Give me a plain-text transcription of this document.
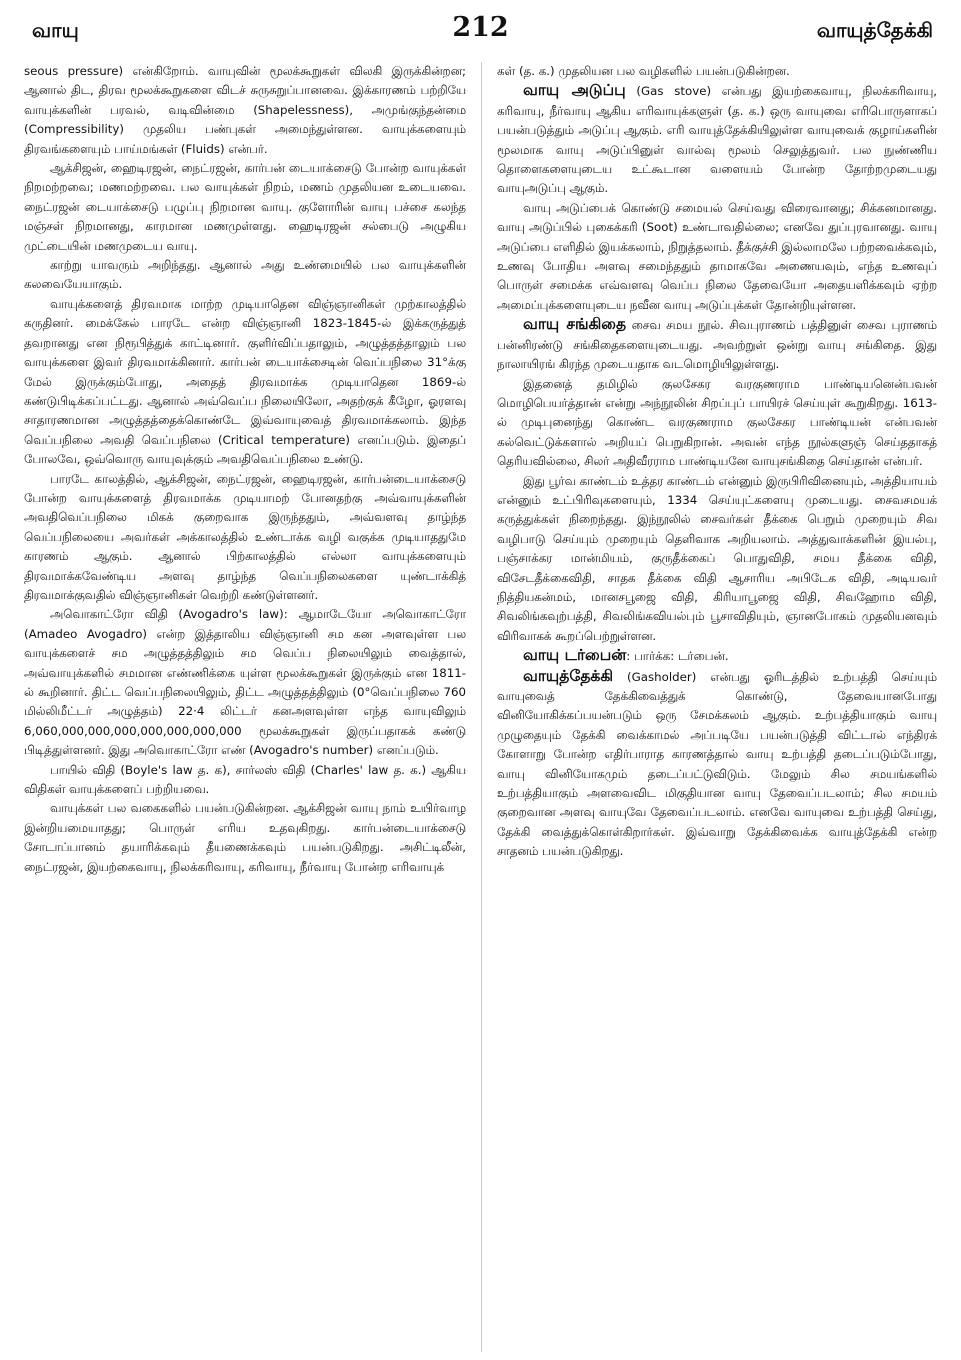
வாயு	212	வாயுத்தேக்கி

seous pressure) என்கிறோம். வாயுவின் மூலக்கூறுகள் விலகி இருக்கின்றன; ஆனால் திட, திரவ மூலக்கூறுகளை விடச் சுருசுறுப்பானவை. இக்காரணம் பற்றியே வாயுக்களின் பரவல், வடிவின்மை (Shapelessness), அமுங்குந்தன்மை (Compressibility) முதலிய பண்புகள் அமைந்துள்ளன. வாயுக்களையும் திரவங்களையும் பாய்மங்கள் (Fluids) என்பர்.

ஆக்சிஜன், ஹைடிரஜன், நைட்ரஜன், கார்பன் டையாக்சைடு போன்ற வாயுக்கள் நிறமற்றவை; மணமற்றவை. பல வாயுக்கள் நிறம், மணம் முதலியன உடையவை. நைட்ரஜன் டையாக்சைடு பழுப்பு நிறமான வாயு. குளோரின் வாயு பச்சை கலந்த மஞ்சள் நிறமானது, காரமான மணமுள்ளது. ஹைடிரஜன் சல்பைடு அழுகிய முட்டையின் மணமுடைய வாயு.

காற்று யாவரும் அறிந்தது. ஆனால் அது உண்மையில் பல வாயுக்களின் கலவையேயாகும்.

வாயுக்களைத் திரவமாக மாற்ற முடியாதென விஞ்ஞானிகள் முற்காலத்தில் கருதினர். மைக்கேல் பாரடே என்ற விஞ்ஞானி 1823-1845-ல் இக்கருத்துத் தவறானது என நிரூபித்துக் காட்டினார். குளிர்விப்பதாலும், அழுத்தத்தாலும் பல வாயுக்களை இவர் திரவமாக்கினார். கார்பன் டையாக்சைடின் வெப்பநிலை 31°க்கு மேல் இருக்கும்போது, அதைத் திரவமாக்க முடியாதென 1869-ல் கண்டுபிடிக்கப்பட்டது. ஆனால் அவ்வெப்ப நிலையிலோ, அதற்குக் கீழோ, ஓரளவு சாதாரணமான அழுத்தத்தைக்கொண்டே இவ்வாயுவைத் திரவமாக்கலாம். இந்த வெப்பநிலை அவதி வெப்பநிலை (Critical temperature) எனப்படும். இதைப் போலவே, ஒவ்வொரு வாயுவுக்கும் அவதிவெப்பநிலை உண்டு.

பாரடே காலத்தில், ஆக்சிஜன், நைட்ரஜன், ஹைடிரஜன், கார்பன்டையாக்சைடு போன்ற வாயுக்களைத் திரவமாக்க முடியாமற் போனதற்கு அவ்வாயுக்களின் அவதிவெப்பநிலை மிகக் குறைவாக இருந்ததும், அவ்வளவு தாழ்ந்த வெப்பநிலையை அவர்கள் அக்காலத்தில் உண்டாக்க வழி வகுக்க முடியாததுமே காரணம் ஆகும். ஆனால் பிற்காலத்தில் எல்லா வாயுக்களையும் திரவமாக்கவேண்டிய அளவு தாழ்ந்த வெப்பநிலைகளை யுண்டாக்கித் திரவமாக்குவதில் விஞ்ஞானிகள் வெற்றி கண்டுள்ளனர்.

அவொகாட்ரோ விதி (Avogadro's law): ஆமாடேயோ அவொகாட்ரோ (Amadeo Avogadro) என்ற இத்தாலிய விஞ்ஞானி சம கன அளவுள்ள பல வாயுக்களைச் சம அழுத்தத்திலும் சம வெப்ப நிலையிலும் வைத்தால், அவ்வாயுக்களில் சமமான எண்ணிக்கை யுள்ள மூலக்கூறுகள் இருக்கும் என 1811-ல் கூறினார். திட்ட வெப்பநிலையிலும், திட்ட அழுத்தத்திலும் (0°வெப்பநிலை 760 மில்லிமீட்டர் அழுத்தம்) 22·4 லிட்டர் கனஅளவுள்ள எந்த வாயுவிலும் 6,060,000,000,000,000,000,000,000 மூலக்கூறுகள் இருப்பதாகக் கண்டு பிடித்துள்ளனர். இது அவொகாட்ரோ எண் (Avogadro's number) எனப்படும்.

பாயில் விதி (Boyle's law த. க), சார்லஸ் விதி (Charles' law த. க.) ஆகிய விதிகள் வாயுக்களைப் பற்றியவை.

வாயுக்கள் பல வகைகளில் பயன்படுகின்றன. ஆக்சிஜன் வாயு நாம் உயிர்வாழ இன்றியமையாதது; பொருள் எரிய உதவுகிறது. கார்பன்டையாக்சைடு சோடாப்பானம் தயாரிக்கவும் தீயணைக்கவும் பயன்படுகிறது. அசிட்டிலீன், நைட்ரஜன், இயற்கைவாயு, நிலக்கரிவாயு, கரிவாயு, நீர்வாயு போன்ற எரிவாயுக்

கள் (த. க.) முதலியன பல வழிகளில் பயன்படுகின்றன.

வாயு அடுப்பு (Gas stove) என்பது இயற்கைவாயு, நிலக்கரிவாயு, கரிவாயு, நீர்வாயு ஆகிய எரிவாயுக்களுள் (த. க.) ஒரு வாயுவை எரிபொருளாகப் பயன்படுத்தும் அடுப்பு ஆகும். எரி வாயுத்தேக்கியிலுள்ள வாயுவைக் குழாய்களின் மூலமாக வாயு அடுப்பினுள் வால்வு மூலம் செலுத்துவர். பல நுண்ணிய தொளைகளையுடைய உட்கூடான வளையம் போன்ற தோற்றமுடையது வாயுஅடுப்பு ஆகும்.

வாயு அடுப்பைக் கொண்டு சமையல் செய்வது விரைவானது; சிக்கனமானது. வாயு அடுப்பில் புகைக்கரி (Soot) உண்டாவதில்லை; எனவே துப்புரவானது. வாயு அடுப்பை எளிதில் இயக்கலாம், நிறுத்தலாம். தீக்குச்சி இல்லாமலே பற்றவைக்கவும், உணவு போதிய அளவு சமைந்ததும் தாமாகவே அணையவும், எந்த உணவுப் பொருள் சமைக்க எவ்வளவு வெப்ப நிலை தேவையோ அதையளிக்கவும் ஏற்ற அமைப்புக்களையுடைய நவீன வாயு அடுப்புக்கள் தோன்றியுள்ளன.

வாயு சங்கிதை சைவ சமய நூல். சிவபுராணம் பத்தினுள் சைவ புராணம் பன்னிரண்டு சங்கிதைகளையுடையது. அவற்றுள் ஒன்று வாயு சங்கிதை. இது நாலாயிரங் கிரந்த முடையதாக வடமொழியிலுள்ளது.

இதனைத் தமிழில் குலசேகர வரகுணராம பாண்டியனென்பவன் மொழிபெயர்த்தான் என்று அந்நூலின் சிறப்புப் பாயிரச் செய்யுள் கூறுகிறது. 1613-ல் முடிபுனைந்து கொண்ட வரகுணராம குலசேகர பாண்டியன் என்பவன் கல்வெட்டுக்களால் அறியப் பெறுகிறான். அவன் எந்த நூல்களுஞ் செய்ததாகத் தெரியவில்லை, சிலர் அதிவீரராம பாண்டியனே வாயுசங்கிதை செய்தான் என்பர்.

இது பூர்வ காண்டம் உத்தர காண்டம் என்னும் இருபிரிவினையும், அத்தியாயம் என்னும் உட்பிரிவுகளையும், 1334 செய்யுட்களையு முடையது. சைவசமயக் கருத்துக்கள் நிறைந்தது. இந்நூலில் சைவர்கள் தீக்கை பெறும் முறையும் சிவ வழிபாடு செய்யும் முறையும் தெளிவாக அறியலாம். அத்துவாக்களின் இயல்பு, பஞ்சாக்கர மான்மியம், குருதீக்கைப் பொதுவிதி, சமய தீக்கை விதி, விசேடதீக்கைவிதி, சாதக தீக்கை விதி ஆசாரிய அபிடேக விதி, அடியவர் நித்தியகன்மம், மானசபூஜை விதி, கிரியாபூஜை விதி, சிவஹோம விதி, சிவலிங்கவுற்பத்தி, சிவலிங்கவியல்பும் பூசாவிதியும், ஞானபோகம் முதலியனவும் விரிவாகக் கூறப்பெற்றுள்ளன.

வாயு டர்பைன்: பார்க்க: டர்பைன்.

வாயுத்தேக்கி (Gasholder) என்பது ஓரிடத்தில் உற்பத்தி செய்யும் வாயுவைத் தேக்கிவைத்துக் கொண்டு, தேவையானபோது வினியோகிக்கப்பயன்படும் ஒரு சேமக்கலம் ஆகும். உற்பத்தியாகும் வாயு முழுதையும் தேக்கி வைக்காமல் அப்படியே பயன்படுத்தி விட்டால் எந்திரக் கோளாறு போன்ற எதிர்பாராத காரணத்தால் வாயு உற்பத்தி தடைப்படும்போது, வாயு வினியோகமும் தடைப்பட்டுவிடும். மேலும் சில சமயங்களில் உற்பத்தியாகும் அளவைவிட மிகுதியான வாயு தேவைப்படலாம்; சில சமயம் குறைவான அளவு வாயுவே தேவைப்படலாம். எனவே வாயுவை உற்பத்தி செய்து, தேக்கி வைத்துக்கொள்கிறார்கள். இவ்வாறு தேக்கிவைக்க வாயுத்தேக்கி என்ற சாதனம் பயன்படுகிறது.
